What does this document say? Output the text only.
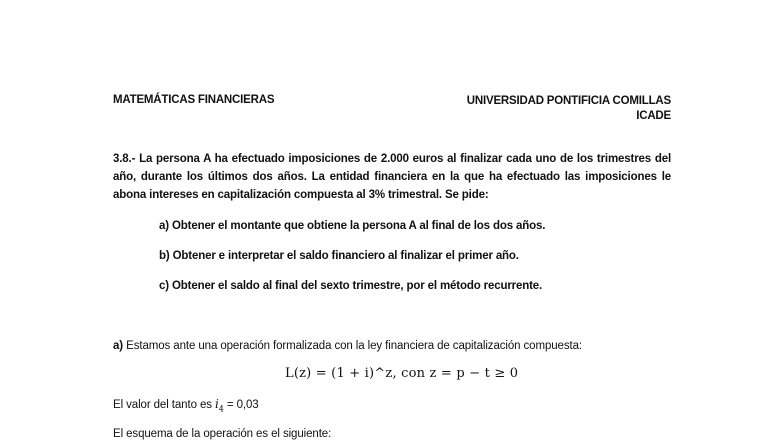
MATEMÁTICAS FINANCIERAS	UNIVERSIDAD PONTIFICIA COMILLAS
ICADE
3.8.- La persona A ha efectuado imposiciones de 2.000 euros al finalizar cada uno de los trimestres del año, durante los últimos dos años. La entidad financiera en la que ha efectuado las imposiciones le abona intereses en capitalización compuesta al 3% trimestral. Se pide:
a) Obtener el montante que obtiene la persona A al final de los dos años.
b) Obtener e interpretar el saldo financiero al finalizar el primer año.
c) Obtener el saldo al final del sexto trimestre, por el método recurrente.
a) Estamos ante una operación formalizada con la ley financiera de capitalización compuesta:
L(z) = (1 + i)^z, con z = p − t ≥ 0
El valor del tanto es $i_4 = 0,03$
El esquema de la operación es el siguiente:
